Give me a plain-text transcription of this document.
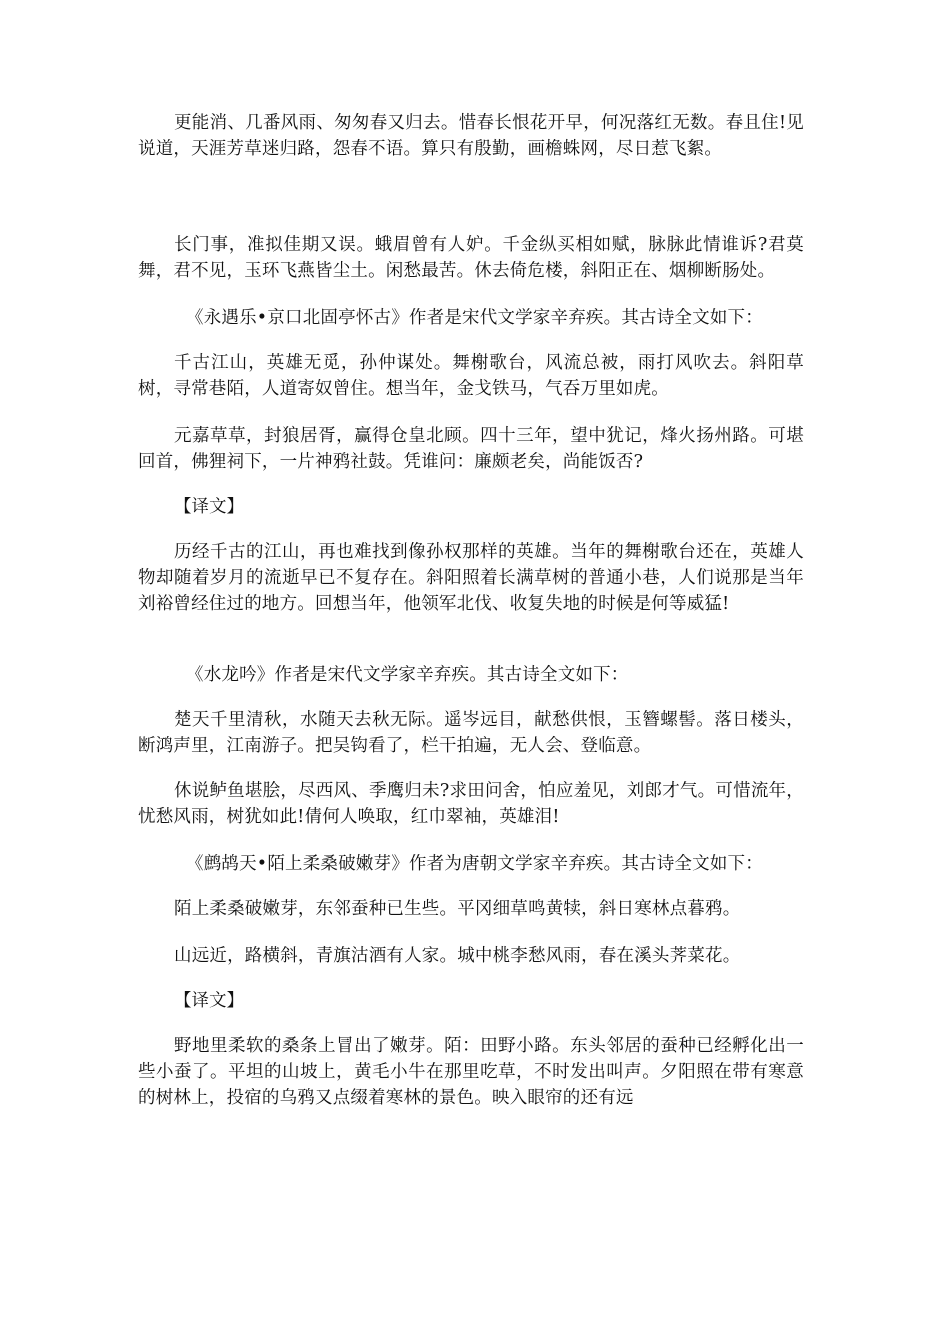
更能消、几番风雨、匆匆春又归去。惜春长恨花开早，何况落红无数。春且住!见说道，天涯芳草迷归路，怨春不语。算只有殷勤，画檐蛛网，尽日惹飞絮。

长门事，准拟佳期又误。蛾眉曾有人妒。千金纵买相如赋，脉脉此情谁诉?君莫舞，君不见，玉环飞燕皆尘土。闲愁最苦。休去倚危楼，斜阳正在、烟柳断肠处。

《永遇乐•京口北固亭怀古》作者是宋代文学家辛弃疾。其古诗全文如下：

千古江山，英雄无觅，孙仲谋处。舞榭歌台，风流总被，雨打风吹去。斜阳草树，寻常巷陌，人道寄奴曾住。想当年，金戈铁马，气吞万里如虎。

元嘉草草，封狼居胥，赢得仓皇北顾。四十三年，望中犹记，烽火扬州路。可堪回首，佛狸祠下，一片神鸦社鼓。凭谁问：廉颇老矣，尚能饭否?

【译文】

历经千古的江山，再也难找到像孙权那样的英雄。当年的舞榭歌台还在，英雄人物却随着岁月的流逝早已不复存在。斜阳照着长满草树的普通小巷，人们说那是当年刘裕曾经住过的地方。回想当年，他领军北伐、收复失地的时候是何等威猛!

《水龙吟》作者是宋代文学家辛弃疾。其古诗全文如下：

楚天千里清秋，水随天去秋无际。遥岑远目，献愁供恨，玉簪螺髻。落日楼头，断鸿声里，江南游子。把吴钩看了，栏干拍遍，无人会、登临意。

休说鲈鱼堪脍，尽西风、季鹰归未?求田问舍，怕应羞见，刘郎才气。可惜流年，忧愁风雨，树犹如此!倩何人唤取，红巾翠袖，英雄泪!

《鹧鸪天•陌上柔桑破嫩芽》作者为唐朝文学家辛弃疾。其古诗全文如下：

陌上柔桑破嫩芽，东邻蚕种已生些。平冈细草鸣黄犊，斜日寒林点暮鸦。

山远近，路横斜，青旗沽酒有人家。城中桃李愁风雨，春在溪头荠菜花。

【译文】

野地里柔软的桑条上冒出了嫩芽。陌：田野小路。东头邻居的蚕种已经孵化出一些小蚕了。平坦的山坡上，黄毛小牛在那里吃草，不时发出叫声。夕阳照在带有寒意的树林上，投宿的乌鸦又点缀着寒林的景色。映入眼帘的还有远
